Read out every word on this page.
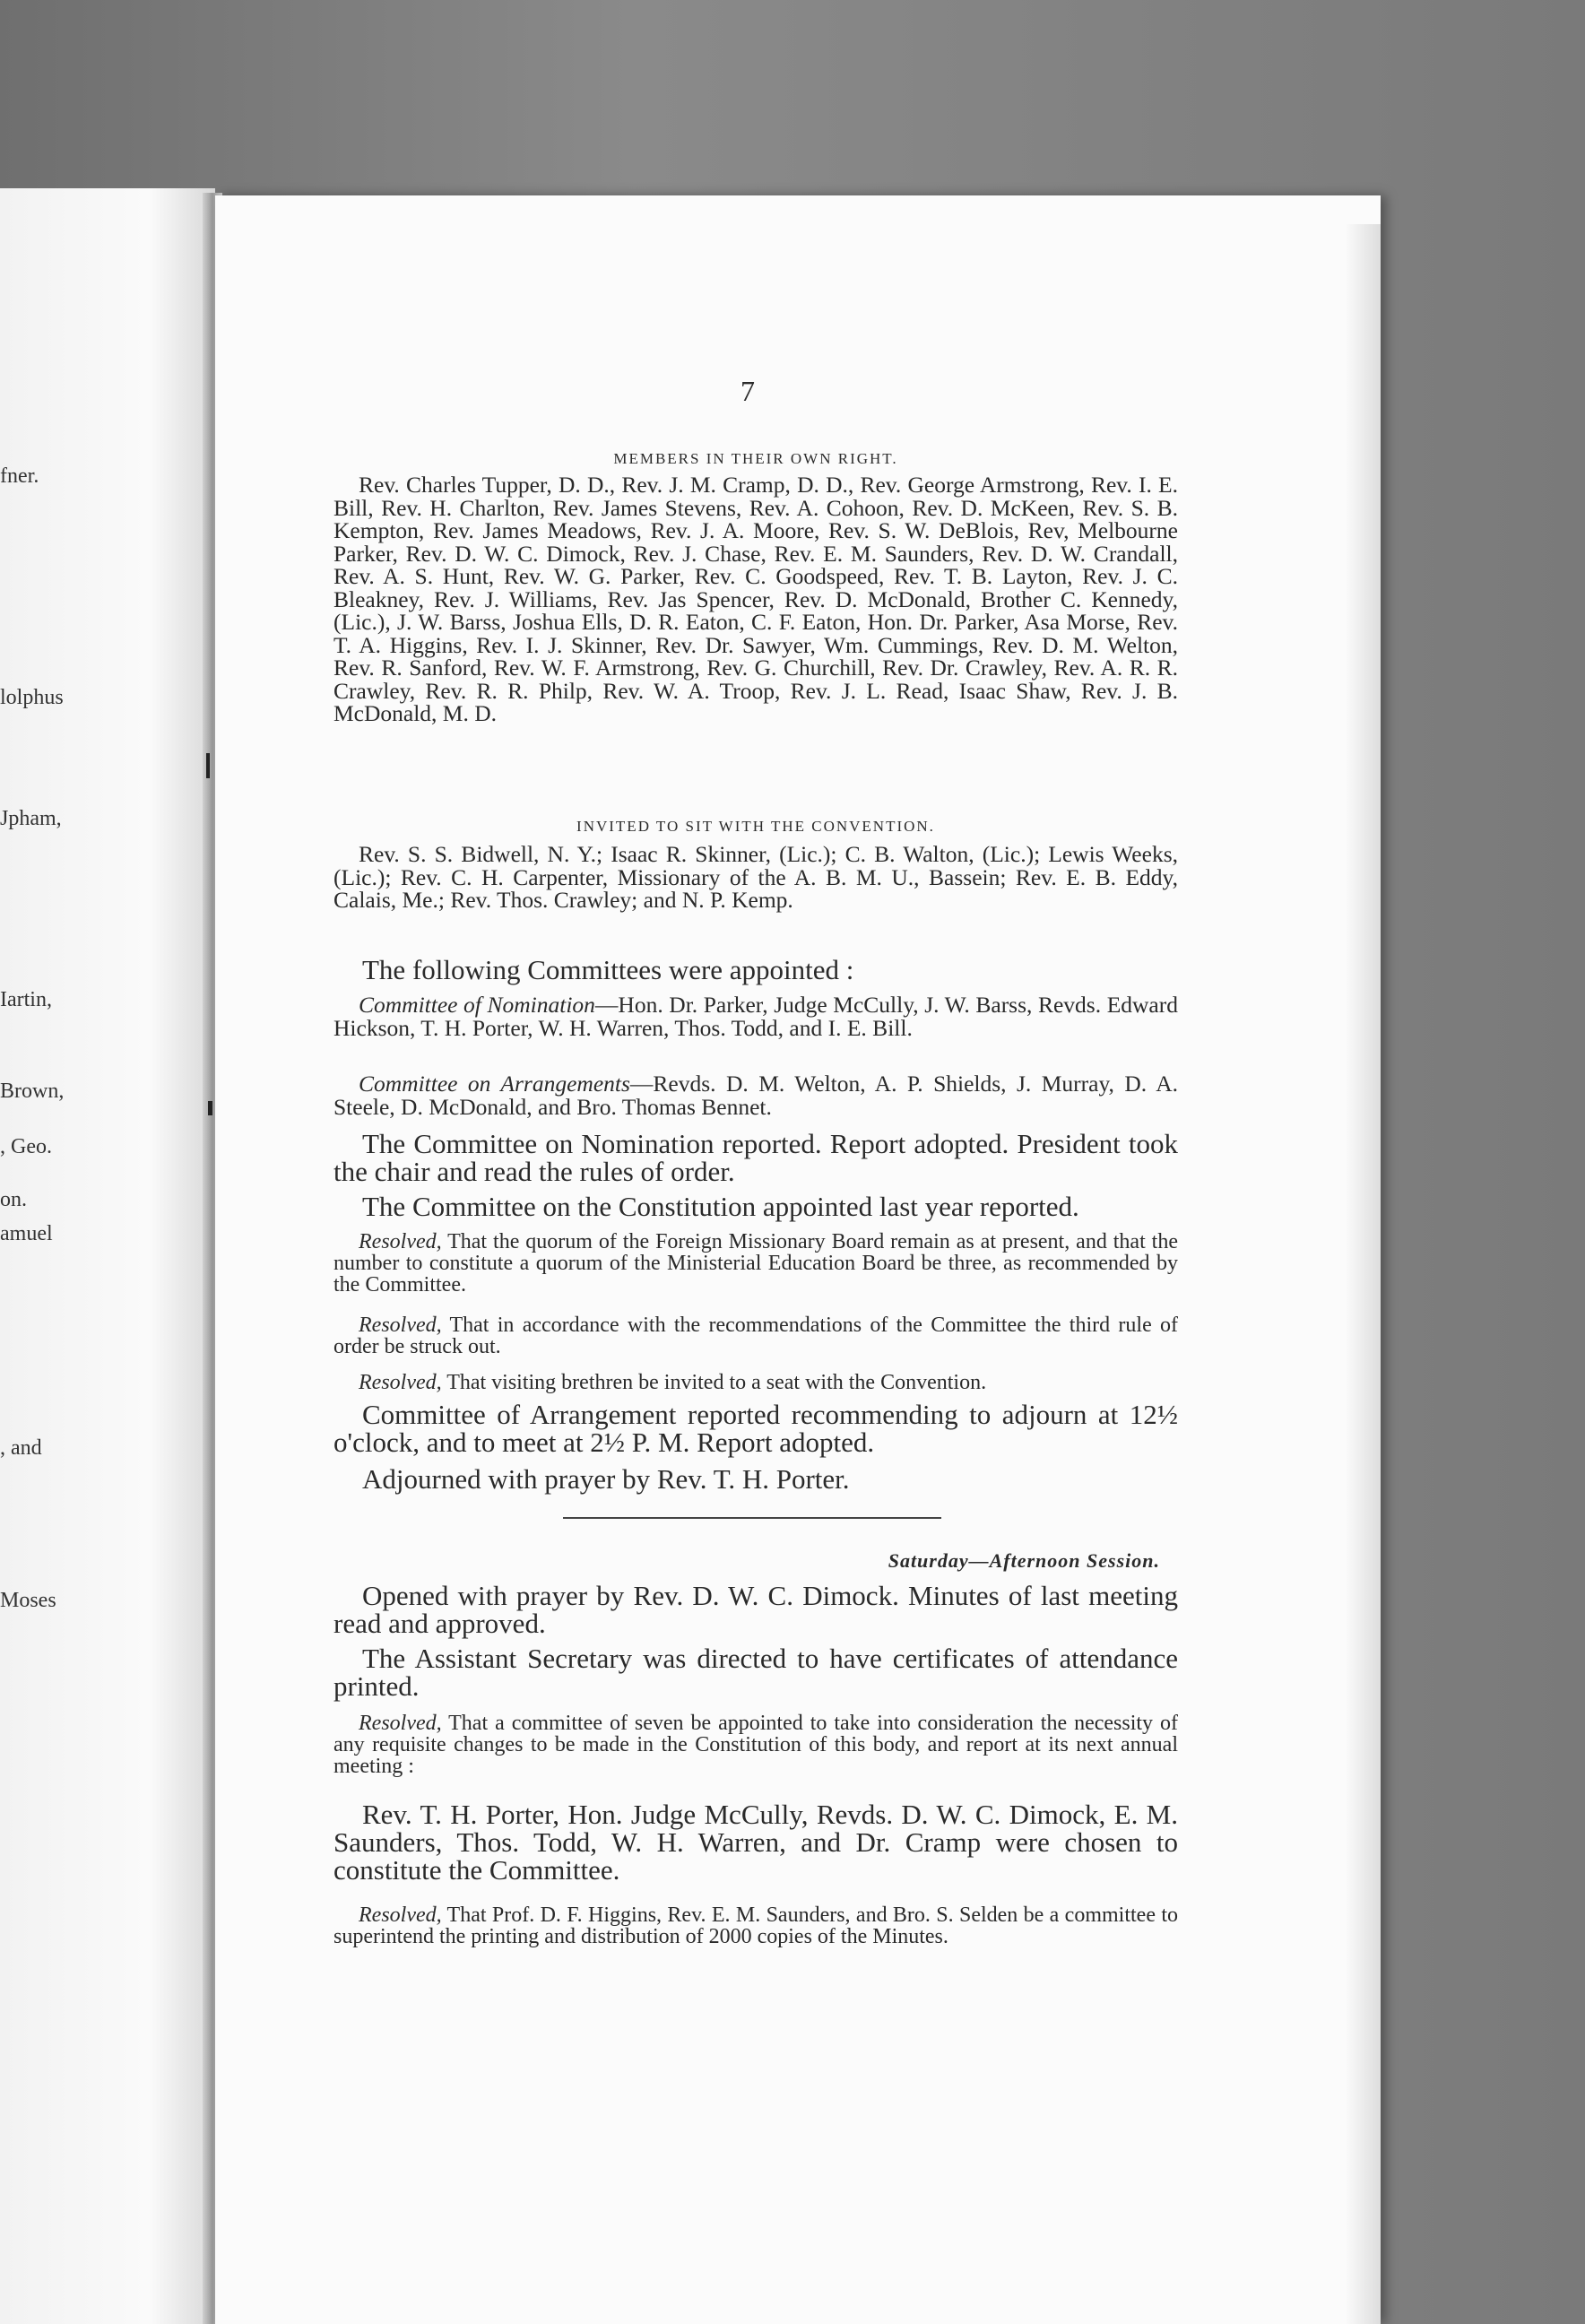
fner.
lolphus
Jpham,
Iartin,
Brown,
, Geo.
on.
amuel
, and
Moses
7
MEMBERS IN THEIR OWN RIGHT.

Rev. Charles Tupper, D. D., Rev. J. M. Cramp, D. D., Rev. George Armstrong, Rev. I. E. Bill, Rev. H. Charlton, Rev. James Stevens, Rev. A. Cohoon, Rev. D. McKeen, Rev. S. B. Kempton, Rev. James Meadows, Rev. J. A. Moore, Rev. S. W. DeBlois, Rev, Melbourne Parker, Rev. D. W. C. Dimock, Rev. J. Chase, Rev. E. M. Saunders, Rev. D. W. Crandall, Rev. A. S. Hunt, Rev. W. G. Parker, Rev. C. Goodspeed, Rev. T. B. Layton, Rev. J. C. Bleakney, Rev. J. Williams, Rev. Jas Spencer, Rev. D. McDonald, Brother C. Kennedy, (Lic.), J. W. Barss, Joshua Ells, D. R. Eaton, C. F. Eaton, Hon. Dr. Parker, Asa Morse, Rev. T. A. Higgins, Rev. I. J. Skinner, Rev. Dr. Sawyer, Wm. Cummings, Rev. D. M. Welton, Rev. R. Sanford, Rev. W. F. Armstrong, Rev. G. Churchill, Rev. Dr. Crawley, Rev. A. R. R. Crawley, Rev. R. R. Philp, Rev. W. A. Troop, Rev. J. L. Read, Isaac Shaw, Rev. J. B. McDonald, M. D.

INVITED TO SIT WITH THE CONVENTION.

Rev. S. S. Bidwell, N. Y.; Isaac R. Skinner, (Lic.); C. B. Walton, (Lic.); Lewis Weeks, (Lic.); Rev. C. H. Carpenter, Missionary of the A. B. M. U., Bassein; Rev. E. B. Eddy, Calais, Me.; Rev. Thos. Crawley; and N. P. Kemp.

The following Committees were appointed :

Committee of Nomination—Hon. Dr. Parker, Judge McCully, J. W. Barss, Revds. Edward Hickson, T. H. Porter, W. H. Warren, Thos. Todd, and I. E. Bill.

Committee on Arrangements—Revds. D. M. Welton, A. P. Shields, J. Murray, D. A. Steele, D. McDonald, and Bro. Thomas Bennet.

The Committee on Nomination reported. Report adopted. President took the chair and read the rules of order.

The Committee on the Constitution appointed last year reported.

Resolved, That the quorum of the Foreign Missionary Board remain as at present, and that the number to constitute a quorum of the Ministerial Education Board be three, as recommended by the Committee.

Resolved, That in accordance with the recommendations of the Committee the third rule of order be struck out.

Resolved, That visiting brethren be invited to a seat with the Convention.

Committee of Arrangement reported recommending to adjourn at 12½ o'clock, and to meet at 2½ P. M. Report adopted.

Adjourned with prayer by Rev. T. H. Porter.

Saturday—Afternoon Session.

Opened with prayer by Rev. D. W. C. Dimock. Minutes of last meeting read and approved.

The Assistant Secretary was directed to have certificates of attendance printed.

Resolved, That a committee of seven be appointed to take into consideration the necessity of any requisite changes to be made in the Constitution of this body, and report at its next annual meeting :

Rev. T. H. Porter, Hon. Judge McCully, Revds. D. W. C. Dimock, E. M. Saunders, Thos. Todd, W. H. Warren, and Dr. Cramp were chosen to constitute the Committee.

Resolved, That Prof. D. F. Higgins, Rev. E. M. Saunders, and Bro. S. Selden be a committee to superintend the printing and distribution of 2000 copies of the Minutes.
